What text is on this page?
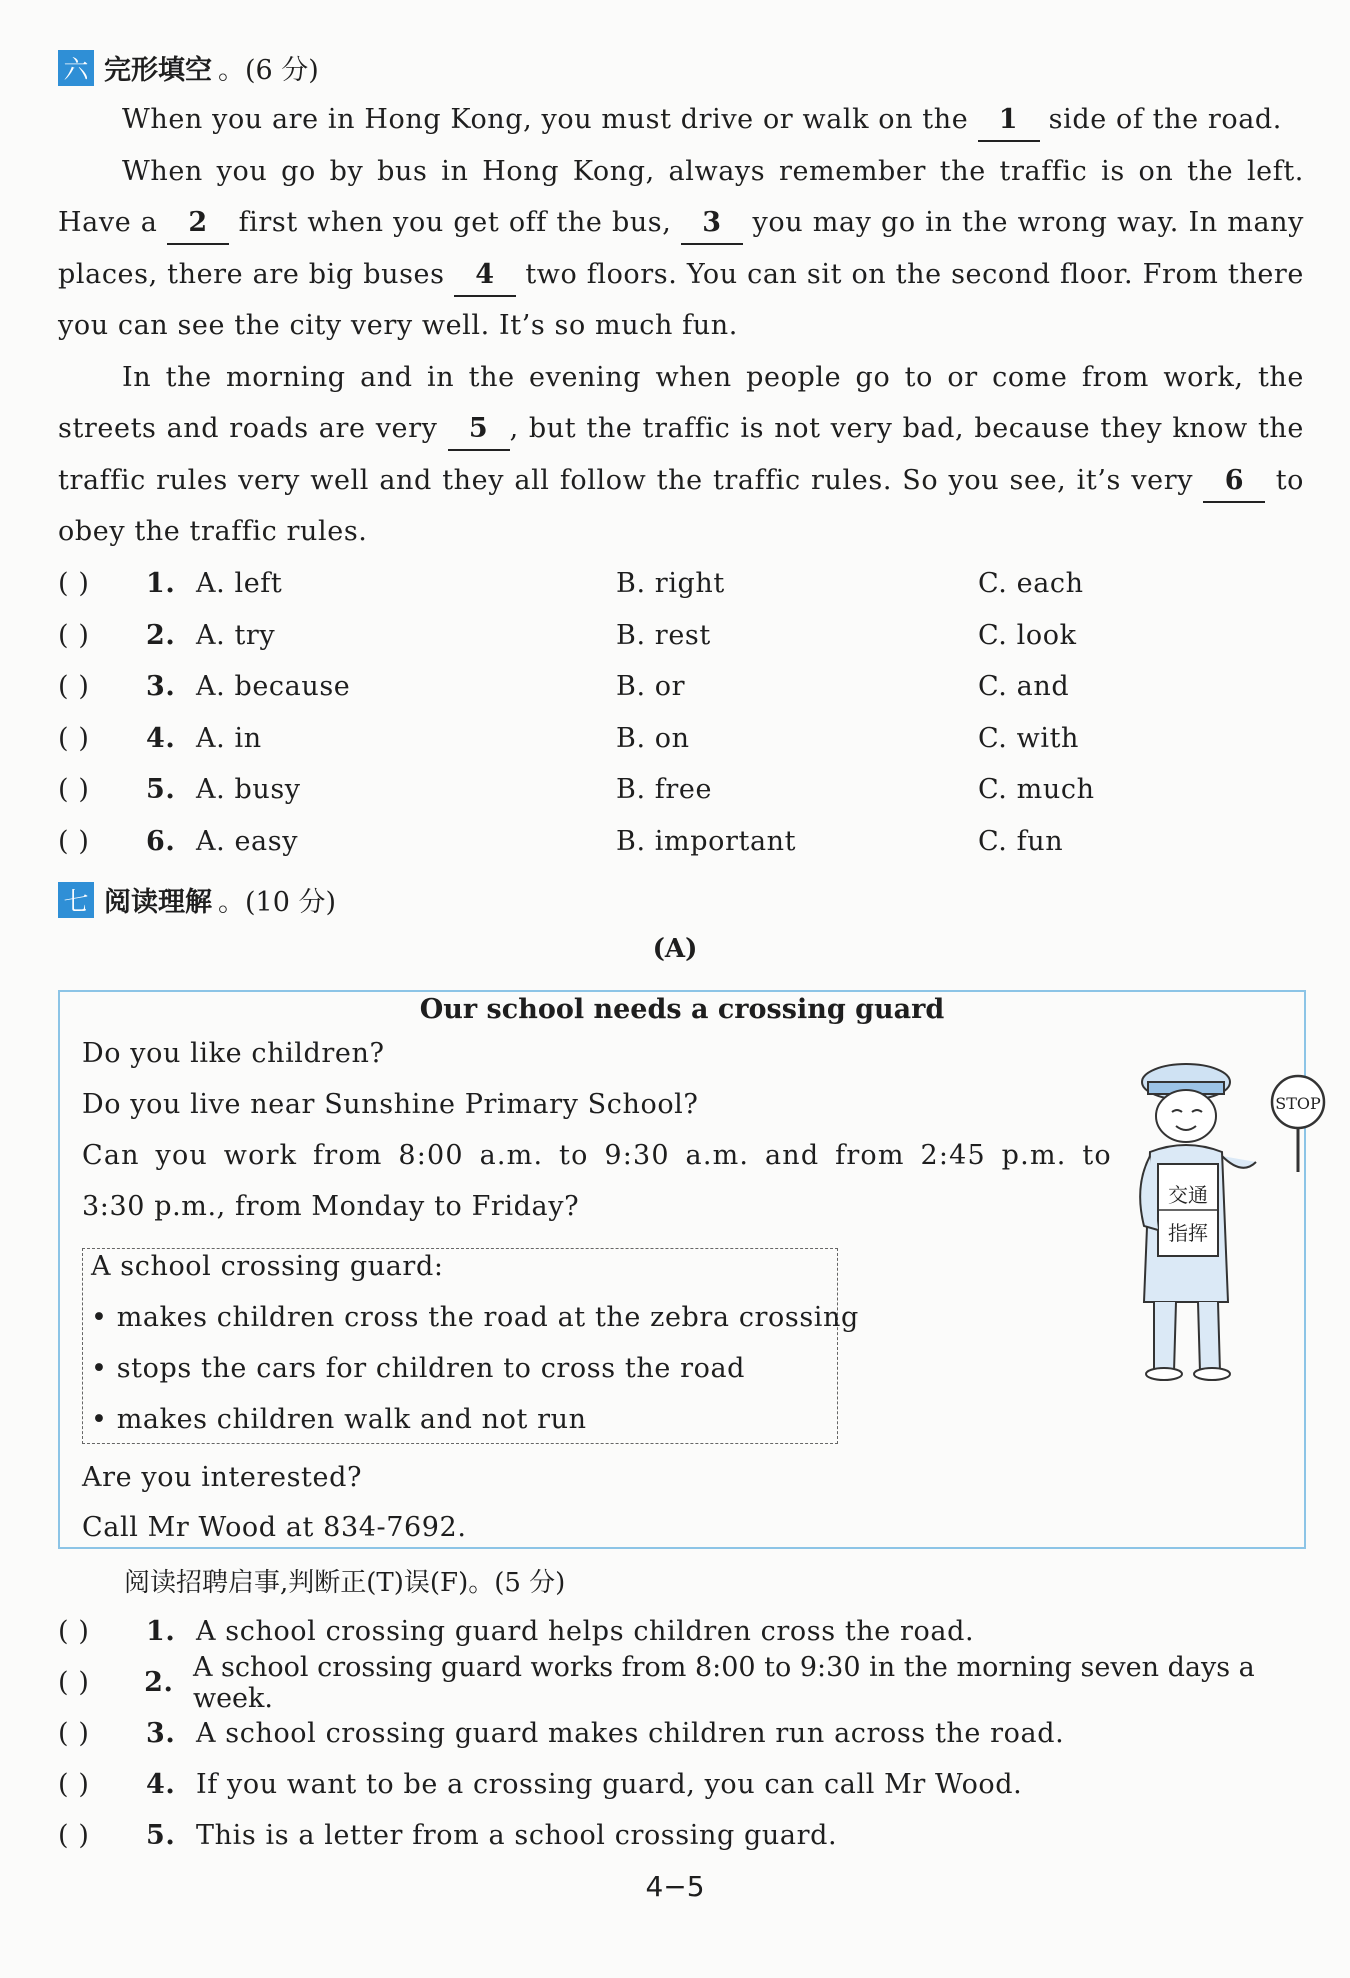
六 完形填空 。(6 分)

When you are in Hong Kong, you must drive or walk on the 1 side of the road.

When you go by bus in Hong Kong, always remember the traffic is on the left. Have a 2 first when you get off the bus, 3 you may go in the wrong way. In many places, there are big buses 4 two floors. You can sit on the second floor. From there you can see the city very well. It’s so much fun.

In the morning and in the evening when people go to or come from work, the streets and roads are very 5 , but the traffic is not very bad, because they know the traffic rules very well and they all follow the traffic rules. So you see, it’s very 6 to obey the traffic rules.

( )	1. A. left	B. right	C. each
( )	2. A. try	B. rest	C. look
( )	3. A. because	B. or	C. and
( )	4. A. in	B. on	C. with
( )	5. A. busy	B. free	C. much
( )	6. A. easy	B. important	C. fun
七 阅读理解 。(10 分)
(A)
Our school needs a crossing guard
Do you like children?
Do you live near Sunshine Primary School?
Can you work from 8:00 a.m. to 9:30 a.m. and from 2:45 p.m. to
3:30 p.m., from Monday to Friday?
A school crossing guard:
• makes children cross the road at the zebra crossing
• stops the cars for children to cross the road
• makes children walk and not run
Are you interested?
Call Mr Wood at 834-7692.
交通
指挥
STOP
阅读招聘启事,判断正(T)误(F)。(5 分)
( )	1. A school crossing guard helps children cross the road.
( )	2. A school crossing guard works from 8:00 to 9:30 in the morning seven days a week.
( )	3. A school crossing guard makes children run across the road.
( )	4. If you want to be a crossing guard, you can call Mr Wood.
( )	5. This is a letter from a school crossing guard.
4−5
